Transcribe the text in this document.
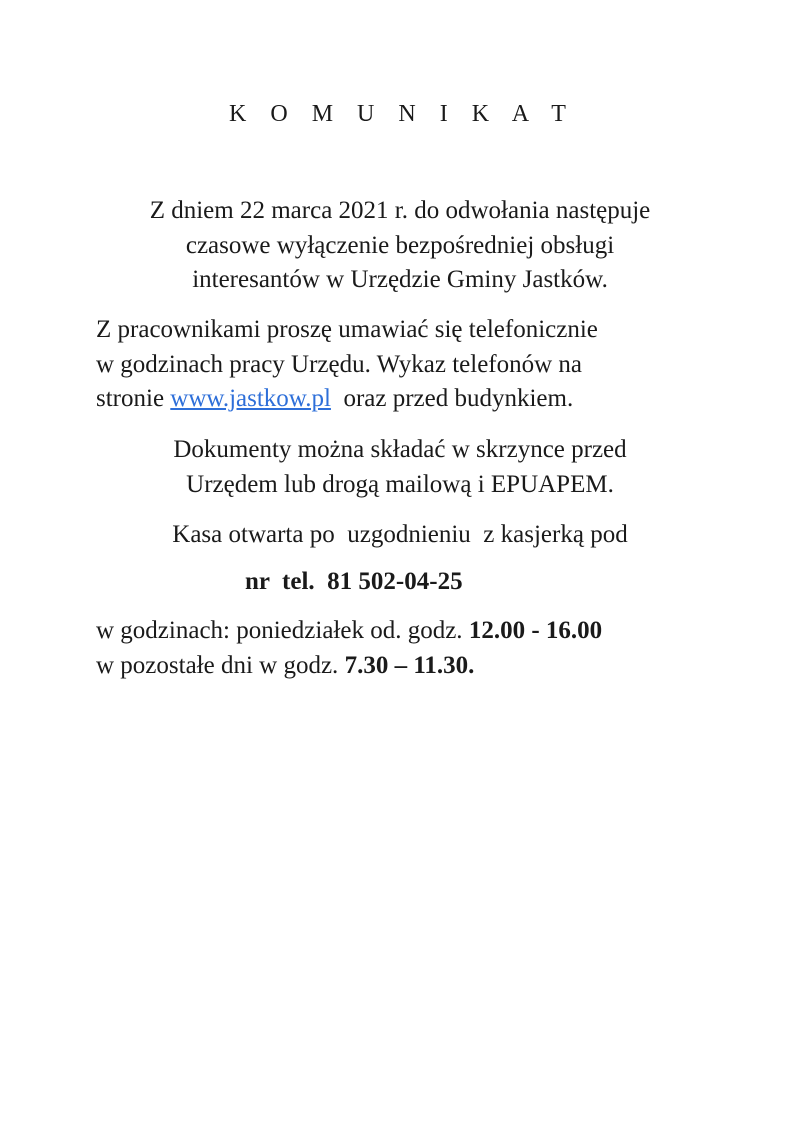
K O M U N I K A T

Z dniem 22 marca 2021 r. do odwołania następuje
czasowe wyłączenie bezpośredniej obsługi
interesantów w Urzędzie Gminy Jastków.

Z pracownikami proszę umawiać się telefonicznie
w godzinach pracy Urzędu. Wykaz telefonów na
stronie www.jastkow.pl  oraz przed budynkiem.

Dokumenty można składać w skrzynce przed
Urzędem lub drogą mailową i EPUAPEM.

Kasa otwarta po  uzgodnieniu  z kasjerką pod

nr  tel.  81 502-04-25

w godzinach: poniedziałek od. godz. 12.00 - 16.00
w pozostałe dni w godz. 7.30 – 11.30.
